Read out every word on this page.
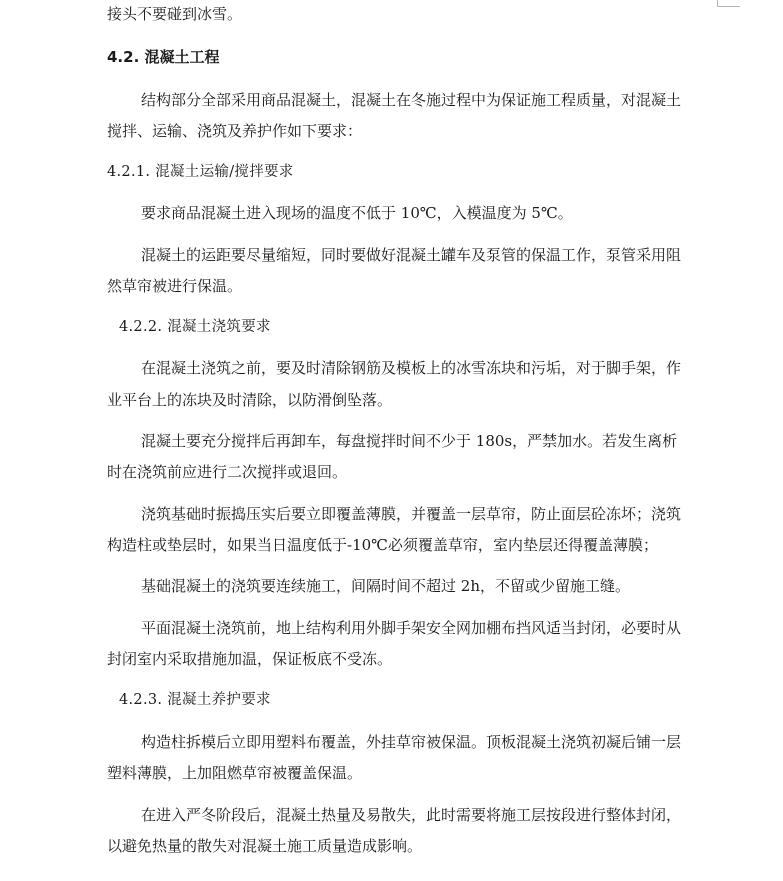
接头不要碰到冰雪。
4.2. 混凝土工程
结构部分全部采用商品混凝土，混凝土在冬施过程中为保证施工程质量，对混凝土
搅拌、运输、浇筑及养护作如下要求：
4.2.1. 混凝土运输/搅拌要求
要求商品混凝土进入现场的温度不低于 10℃，入模温度为 5℃。
混凝土的运距要尽量缩短，同时要做好混凝土罐车及泵管的保温工作，泵管采用阻
然草帘被进行保温。
4.2.2. 混凝土浇筑要求
在混凝土浇筑之前，要及时清除钢筋及模板上的冰雪冻块和污垢，对于脚手架，作
业平台上的冻块及时清除，以防滑倒坠落。
混凝土要充分搅拌后再卸车，每盘搅拌时间不少于 180s，严禁加水。若发生离析
时在浇筑前应进行二次搅拌或退回。
浇筑基础时振捣压实后要立即覆盖薄膜，并覆盖一层草帘，防止面层砼冻坏；浇筑
构造柱或垫层时，如果当日温度低于-10℃必须覆盖草帘，室内垫层还得覆盖薄膜；
基础混凝土的浇筑要连续施工，间隔时间不超过 2h，不留或少留施工缝。
平面混凝土浇筑前，地上结构利用外脚手架安全网加棚布挡风适当封闭，必要时从
封闭室内采取措施加温，保证板底不受冻。
4.2.3. 混凝土养护要求
构造柱拆模后立即用塑料布覆盖，外挂草帘被保温。顶板混凝土浇筑初凝后铺一层
塑料薄膜，上加阻燃草帘被覆盖保温。
在进入严冬阶段后，混凝土热量及易散失，此时需要将施工层按段进行整体封闭，
以避免热量的散失对混凝土施工质量造成影响。
